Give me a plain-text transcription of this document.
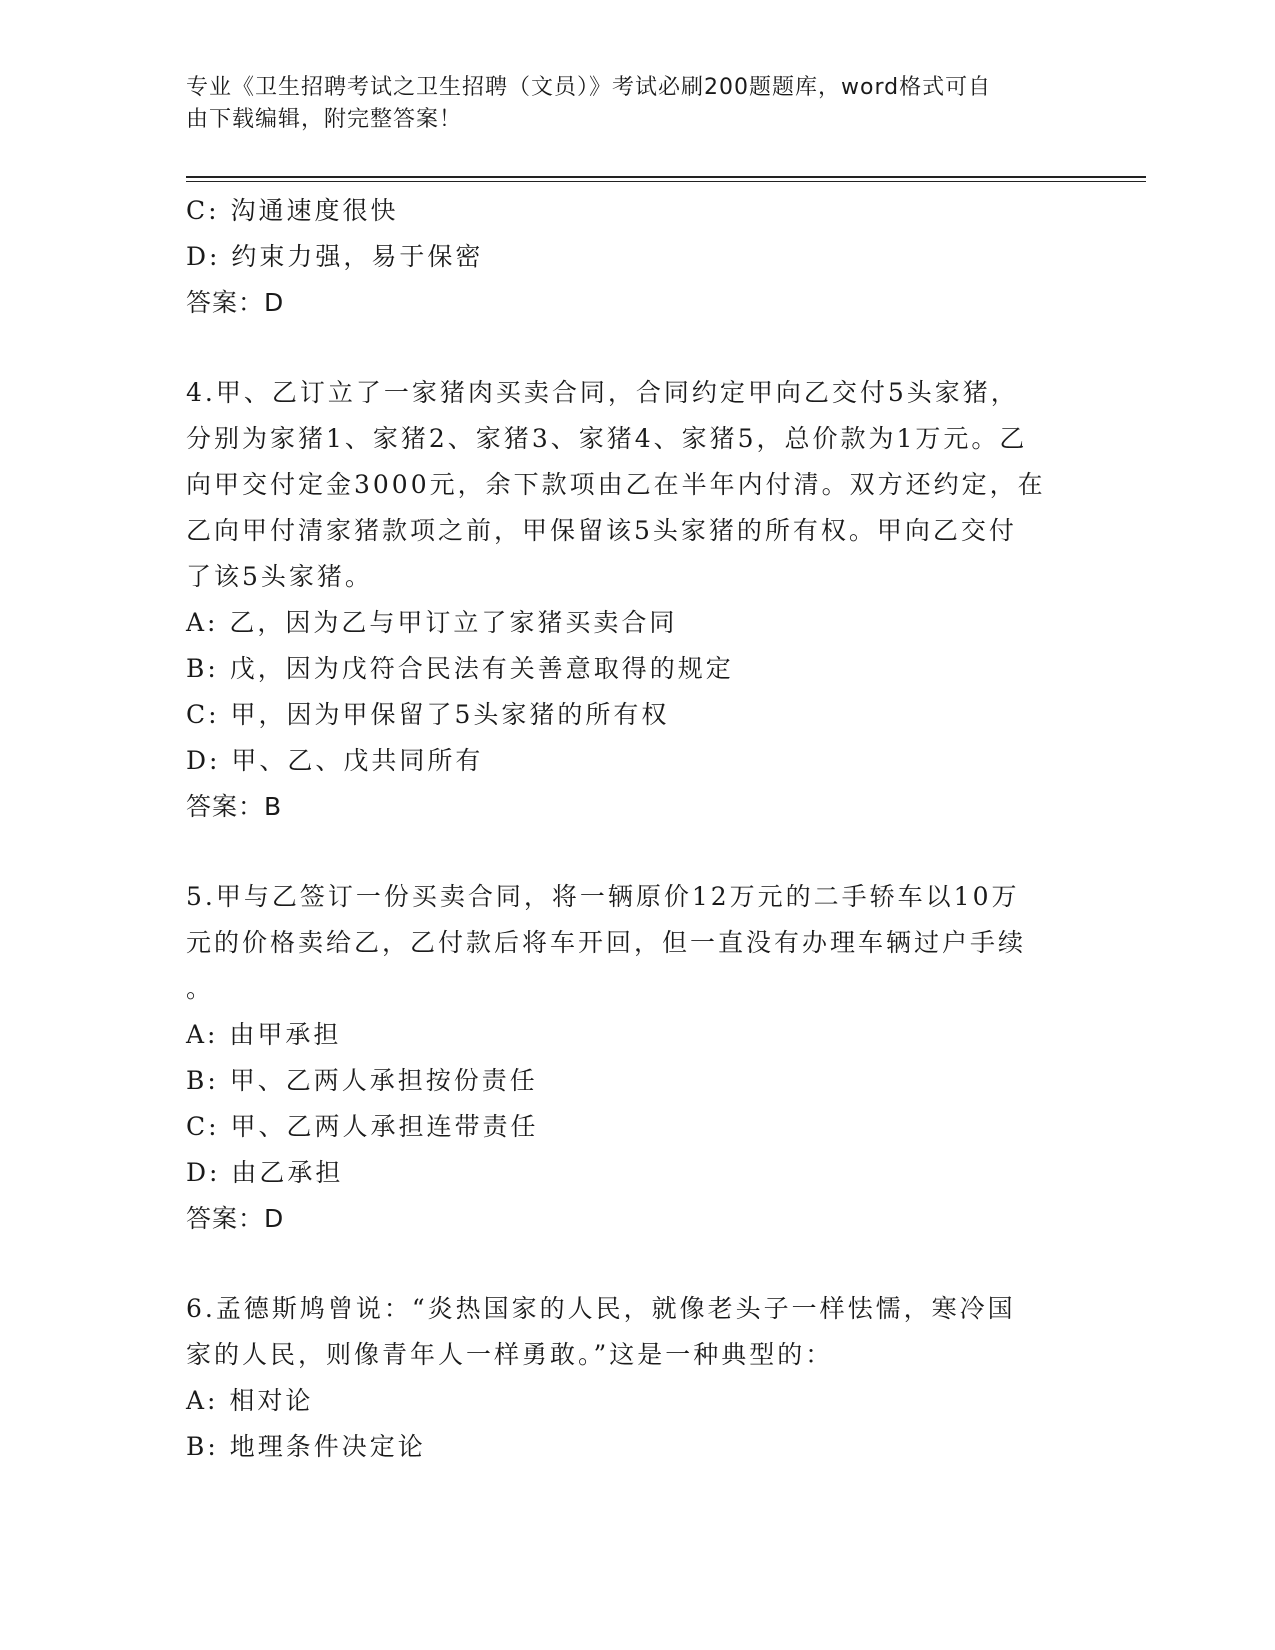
专业《卫生招聘考试之卫生招聘（文员）》考试必刷200题题库，word格式可自
由下载编辑，附完整答案！
C: 沟通速度很快
D: 约束力强，易于保密
答案：D
4.甲、乙订立了一家猪肉买卖合同，合同约定甲向乙交付5头家猪，
分别为家猪1、家猪2、家猪3、家猪4、家猪5，总价款为1万元。乙
向甲交付定金3000元，余下款项由乙在半年内付清。双方还约定，在
乙向甲付清家猪款项之前，甲保留该5头家猪的所有权。甲向乙交付
了该5头家猪。
A: 乙，因为乙与甲订立了家猪买卖合同
B: 戊，因为戊符合民法有关善意取得的规定
C: 甲，因为甲保留了5头家猪的所有权
D: 甲、乙、戊共同所有
答案：B
5.甲与乙签订一份买卖合同，将一辆原价12万元的二手轿车以10万
元的价格卖给乙，乙付款后将车开回，但一直没有办理车辆过户手续
。
A: 由甲承担
B: 甲、乙两人承担按份责任
C: 甲、乙两人承担连带责任
D: 由乙承担
答案：D
6.孟德斯鸠曾说：“炎热国家的人民，就像老头子一样怯懦，寒冷国
家的人民，则像青年人一样勇敢。”这是一种典型的：
A: 相对论
B: 地理条件决定论
